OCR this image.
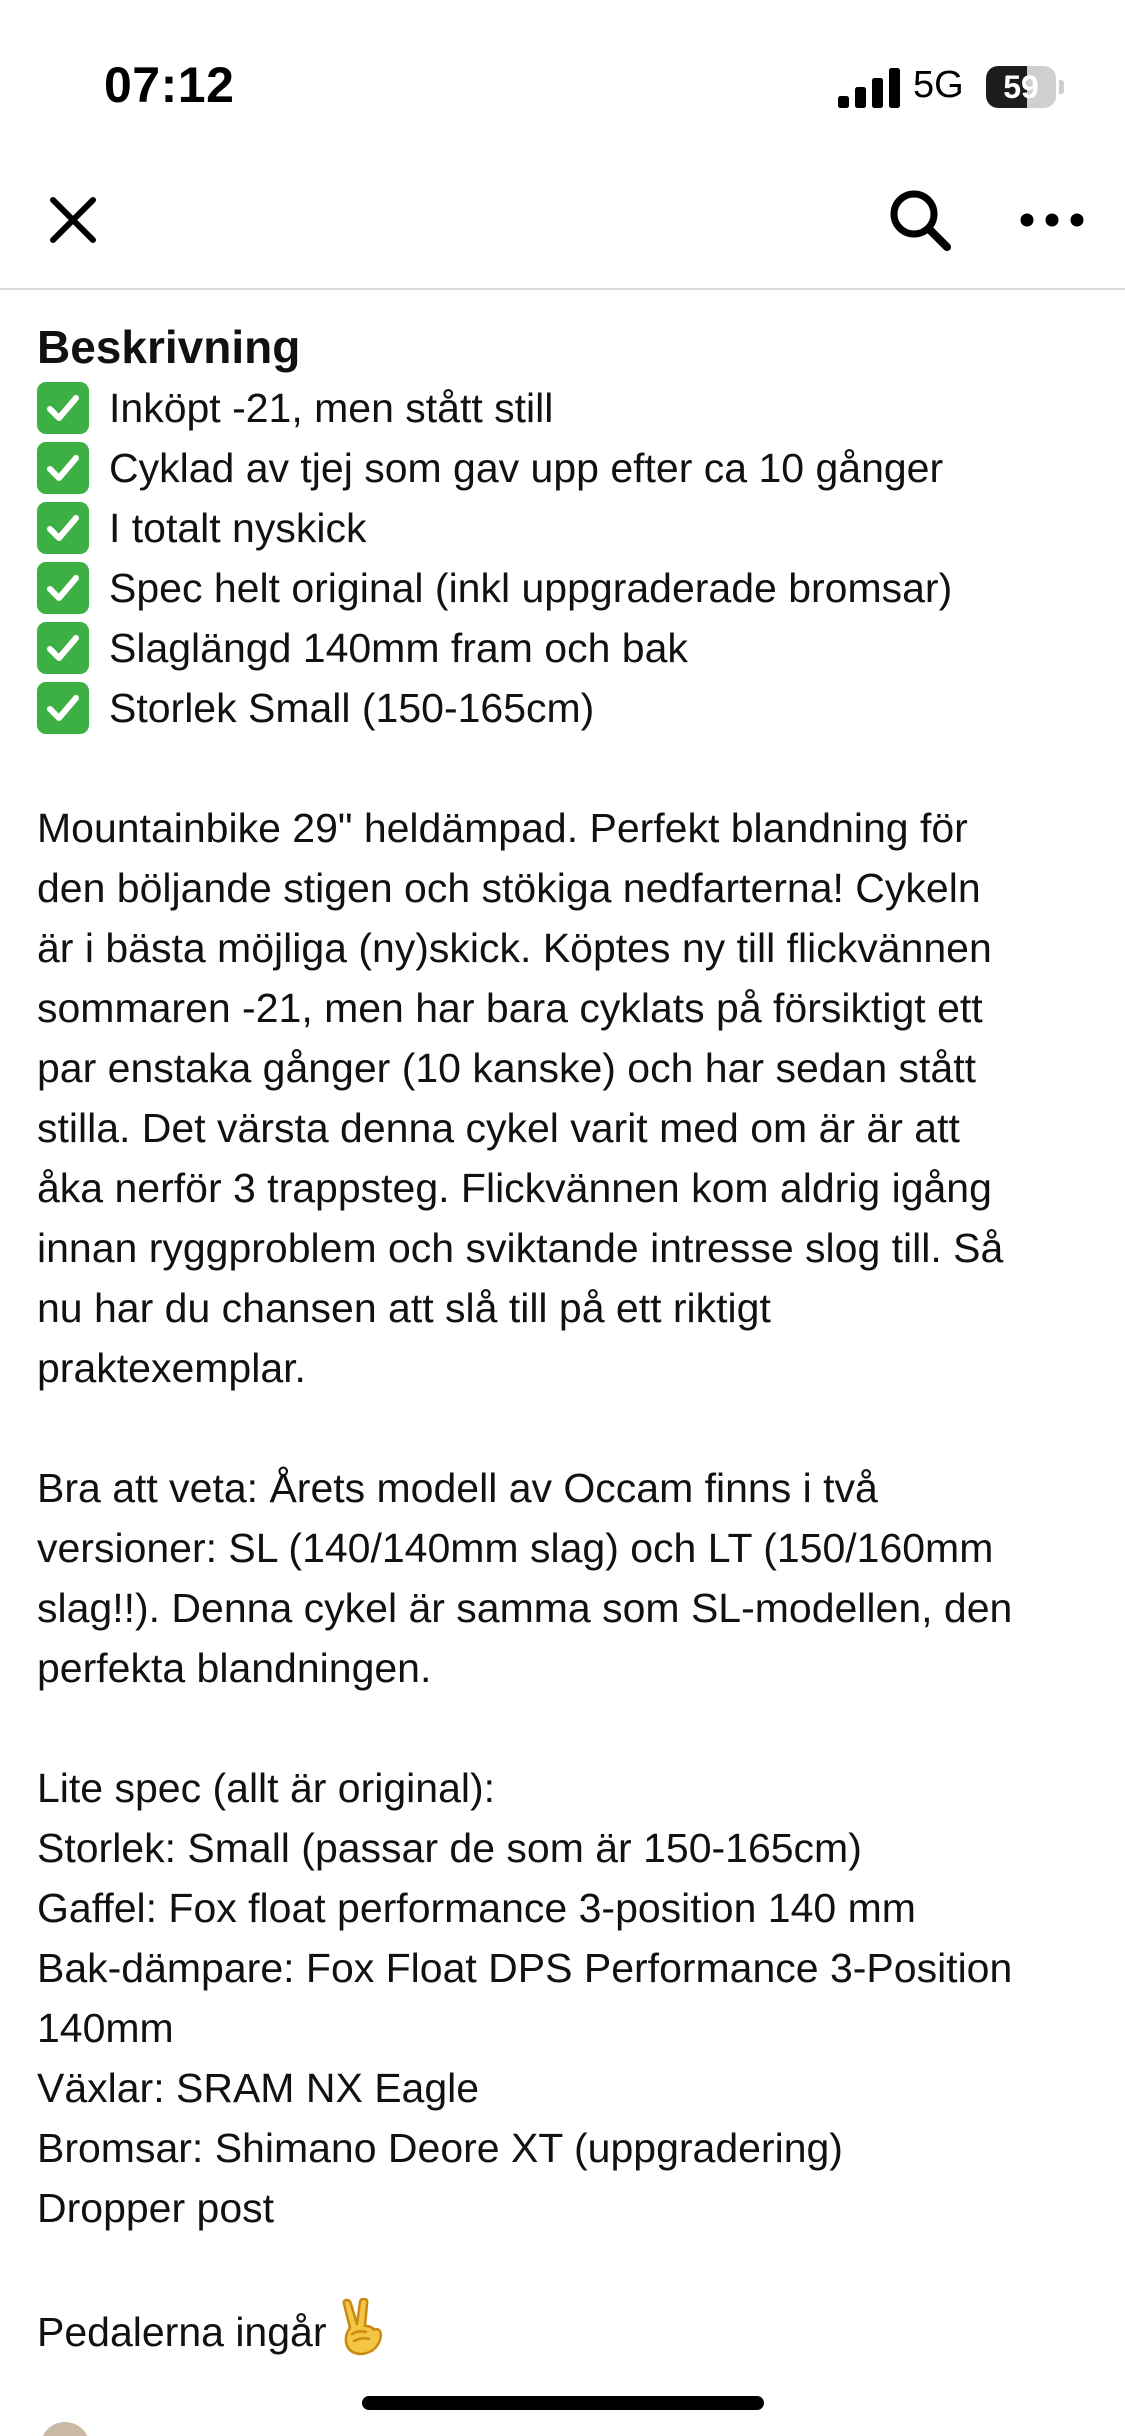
07:12	5G	59
Beskrivning
Inköpt -21, men stått still
Cyklad av tjej som gav upp efter ca 10 gånger
I totalt nyskick
Spec helt original (inkl uppgraderade bromsar)
Slaglängd 140mm fram och bak
Storlek Small (150-165cm)
Mountainbike 29" heldämpad. Perfekt blandning för
den böljande stigen och stökiga nedfarterna! Cykeln
är i bästa möjliga (ny)skick. Köptes ny till flickvännen
sommaren -21, men har bara cyklats på försiktigt ett
par enstaka gånger (10 kanske) och har sedan stått
stilla. Det värsta denna cykel varit med om är är att
åka nerför 3 trappsteg. Flickvännen kom aldrig igång
innan ryggproblem och sviktande intresse slog till. Så
nu har du chansen att slå till på ett riktigt
praktexemplar.
Bra att veta: Årets modell av Occam finns i två
versioner: SL (140/140mm slag) och LT (150/160mm
slag!!). Denna cykel är samma som SL-modellen, den
perfekta blandningen.
Lite spec (allt är original):
Storlek: Small (passar de som är 150-165cm)
Gaffel: Fox float performance 3-position 140 mm
Bak-dämpare: Fox Float DPS Performance 3-Position
140mm
Växlar: SRAM NX Eagle
Bromsar: Shimano Deore XT (uppgradering)
Dropper post
Pedalerna ingår
